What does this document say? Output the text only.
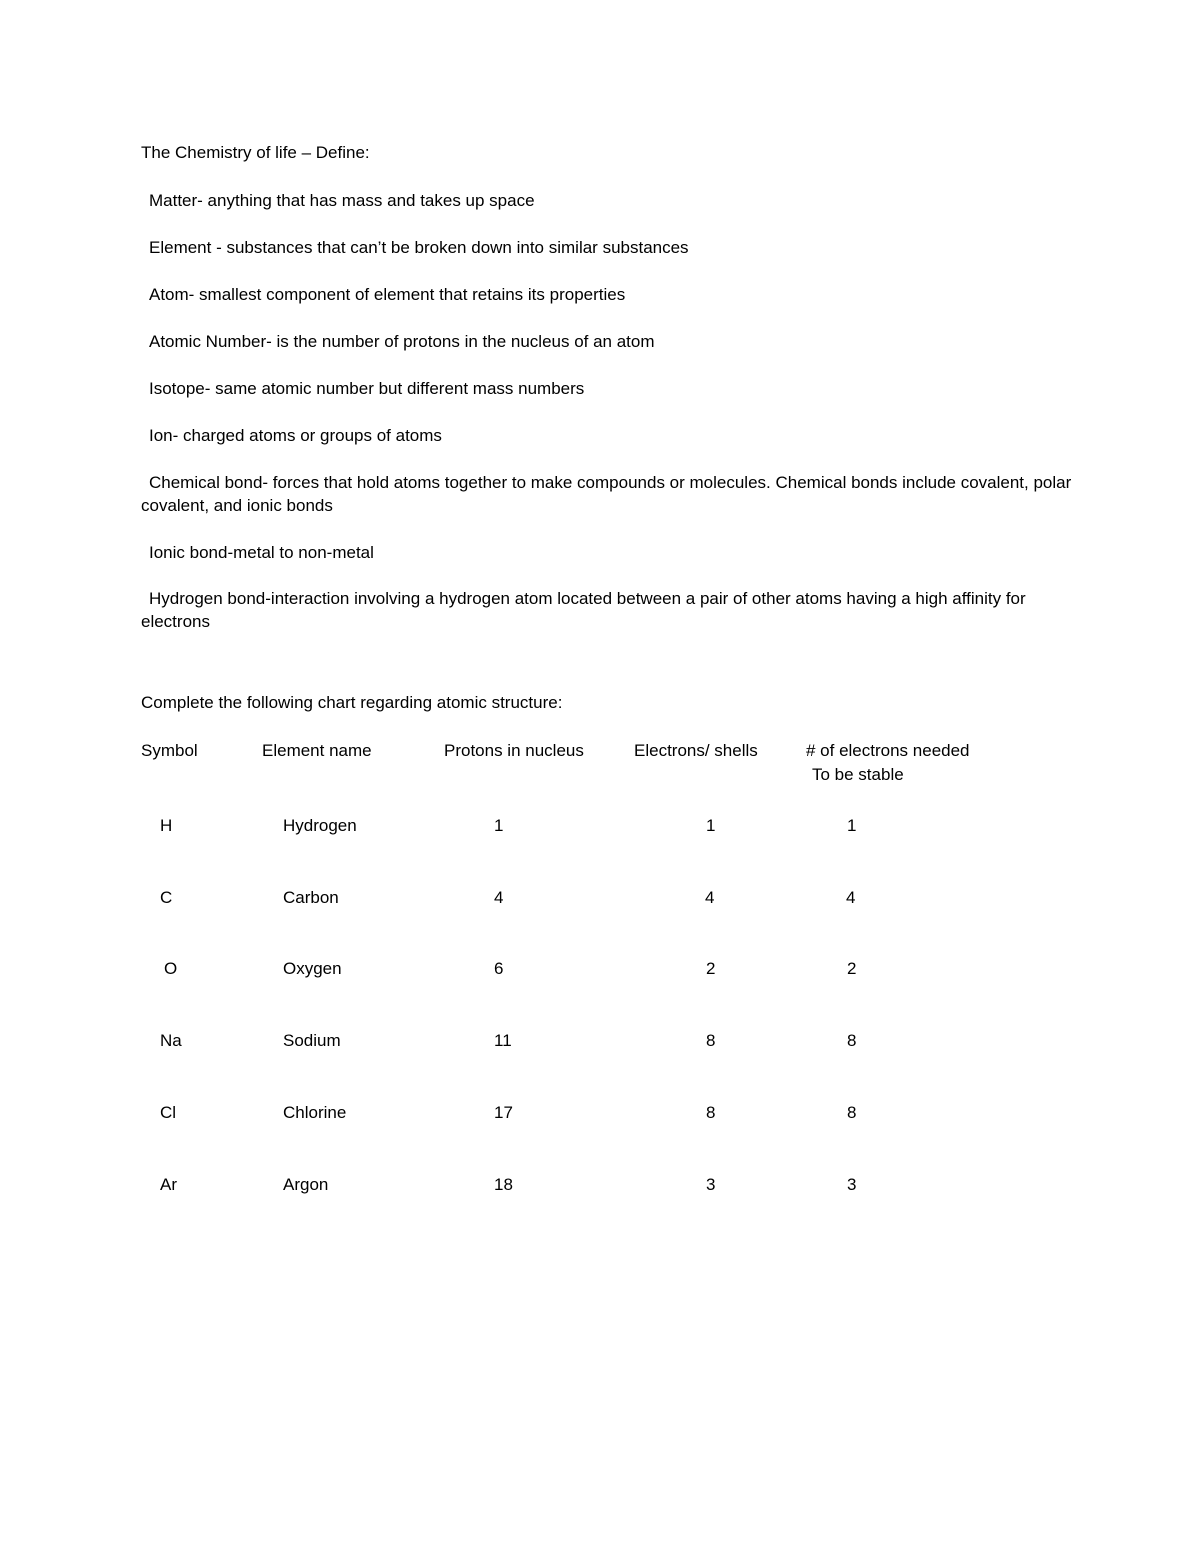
The Chemistry of life – Define:

Matter- anything that has mass and takes up space

Element - substances that can’t be broken down into similar substances

Atom- smallest component of element that retains its properties

Atomic Number- is the number of protons in the nucleus of an atom

Isotope- same atomic number but different mass numbers

Ion- charged atoms or groups of atoms

Chemical bond- forces that hold atoms together to make compounds or molecules. Chemical bonds include covalent, polar covalent, and ionic bonds

Ionic bond-metal to non-metal

Hydrogen bond-interaction involving a hydrogen atom located between a pair of other atoms having a high affinity for electrons

Complete the following chart regarding atomic structure:

Symbol	Element name	Protons in nucleus	Electrons/ shells	# of electrons needed
To be stable
H	Hydrogen	1	1	1
C	Carbon	4	4	4
O	Oxygen	6	2	2
Na	Sodium	11	8	8
Cl	Chlorine	17	8	8
Ar	Argon	18	3	3
